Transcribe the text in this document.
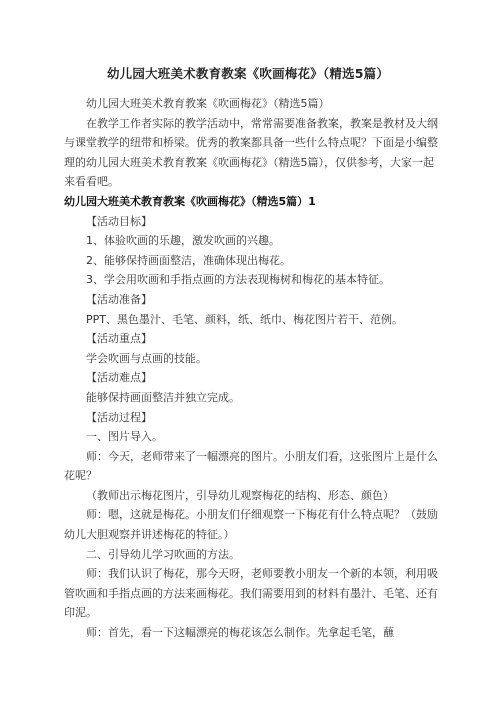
幼儿园大班美术教育教案《吹画梅花》（精选5篇）

幼儿园大班美术教育教案《吹画梅花》（精选5篇）

在教学工作者实际的教学活动中，常常需要准备教案，教案是教材及大纲与课堂教学的纽带和桥梁。优秀的教案都具备一些什么特点呢？下面是小编整理的幼儿园大班美术教育教案《吹画梅花》（精选5篇），仅供参考，大家一起来看看吧。

幼儿园大班美术教育教案《吹画梅花》（精选5篇）1

【活动目标】

1、体验吹画的乐趣，激发吹画的兴趣。

2、能够保持画面整洁，准确体现出梅花。

3、学会用吹画和手指点画的方法表现梅树和梅花的基本特征。

【活动准备】

PPT、黑色墨汁、毛笔、颜料，纸、纸巾、梅花图片若干、范例。

【活动重点】

学会吹画与点画的技能。

【活动难点】

能够保持画面整洁并独立完成。

【活动过程】

一、图片导入。

师：今天，老师带来了一幅漂亮的图片。小朋友们看，这张图片上是什么花呢？

（教师出示梅花图片，引导幼儿观察梅花的结构、形态、颜色）

师：嗯，这就是梅花。小朋友们仔细观察一下梅花有什么特点呢？（鼓励幼儿大胆观察并讲述梅花的特征。）

二、引导幼儿学习吹画的方法。

师：我们认识了梅花，那今天呀，老师要教小朋友一个新的本领，利用吸管吹画和手指点画的方法来画梅花。我们需要用到的材料有墨汁、毛笔、还有印泥。

师：首先，看一下这幅漂亮的梅花该怎么制作。先拿起毛笔，蘸
